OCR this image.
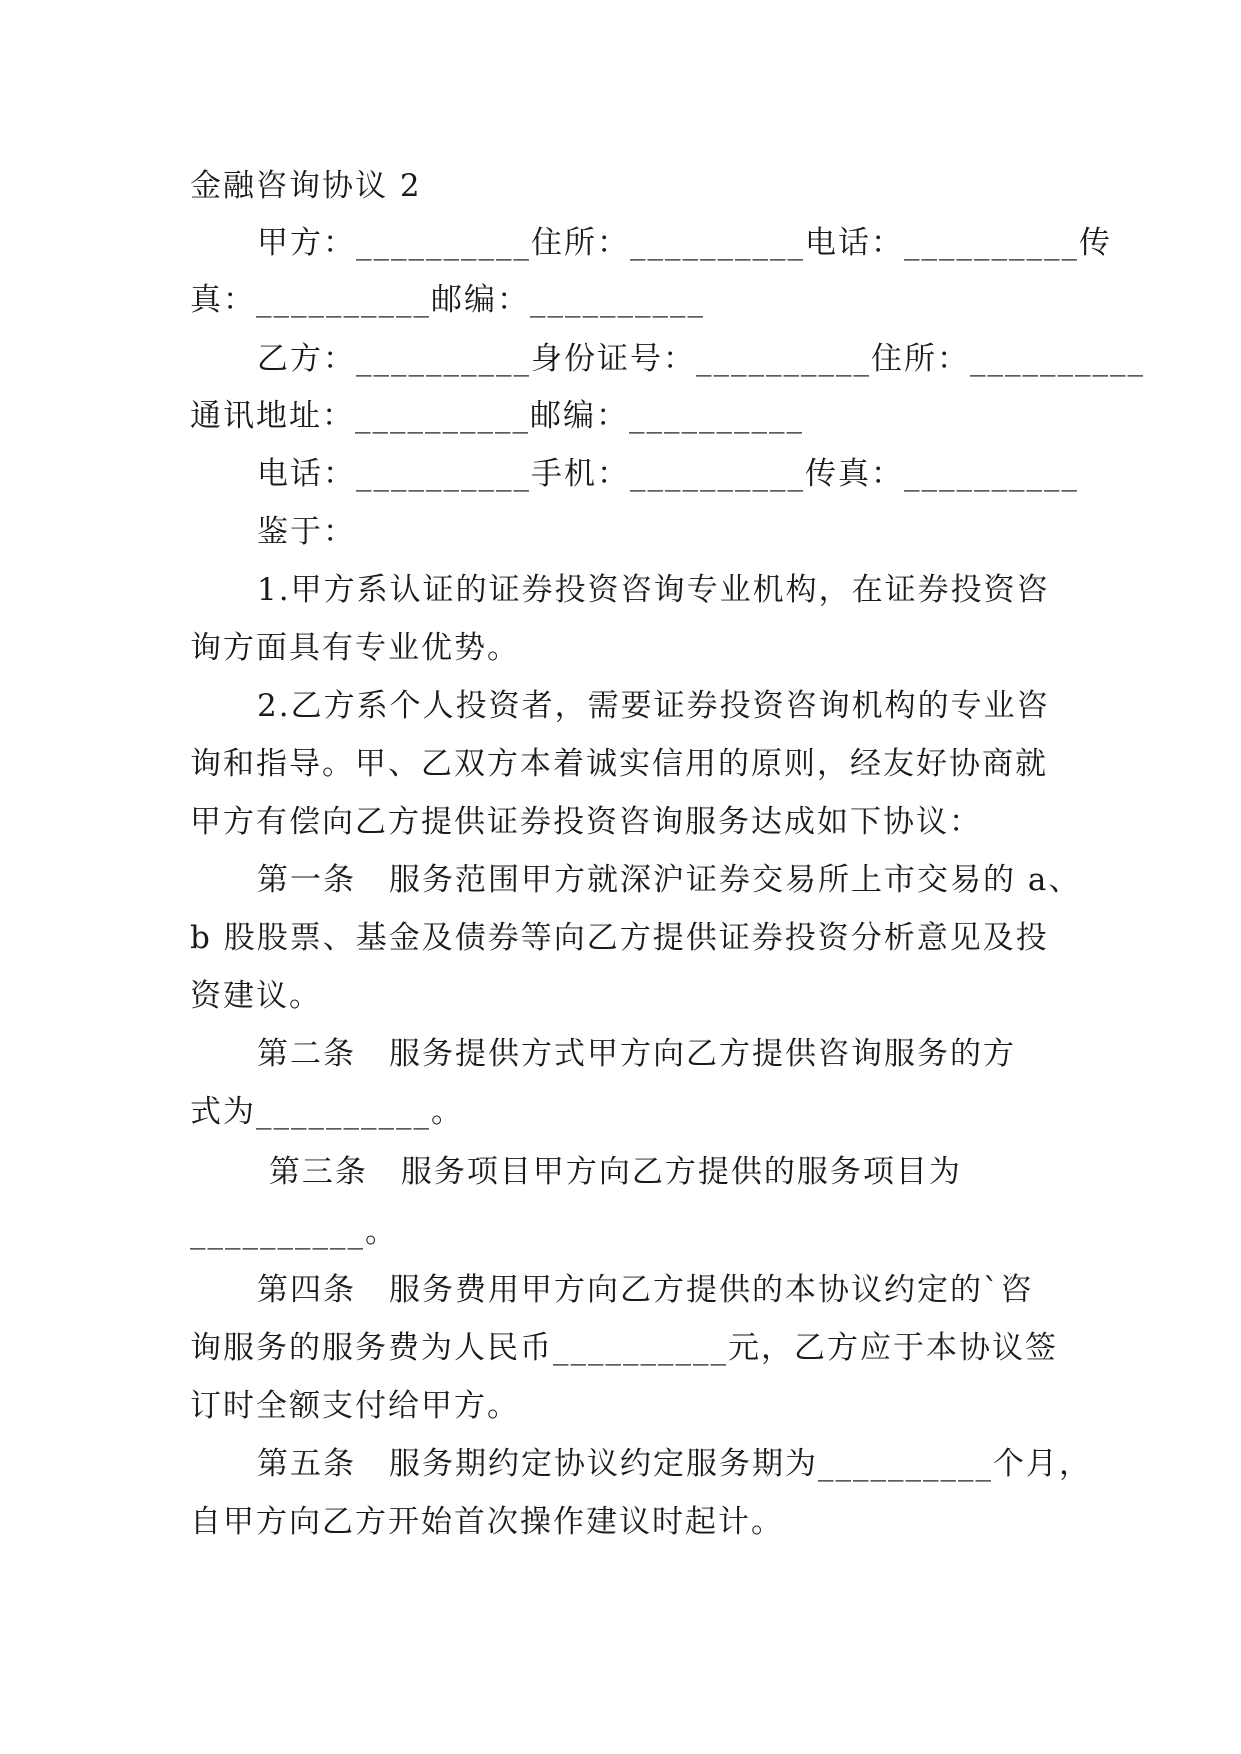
金融咨询协议 2
甲方：__________住所：__________电话：__________传
真：__________邮编：__________
乙方：__________身份证号：__________住所：__________
通讯地址：__________邮编：__________
电话：__________手机：__________传真：__________
鉴于：
1.甲方系认证的证券投资咨询专业机构，在证券投资咨
询方面具有专业优势。
2.乙方系个人投资者，需要证券投资咨询机构的专业咨
询和指导。甲、乙双方本着诚实信用的原则，经友好协商就
甲方有偿向乙方提供证券投资咨询服务达成如下协议：
第一条　服务范围甲方就深沪证券交易所上市交易的 a、
b 股股票、基金及债券等向乙方提供证券投资分析意见及投
资建议。
第二条　服务提供方式甲方向乙方提供咨询服务的方
式为__________。
第三条　服务项目甲方向乙方提供的服务项目为
__________。
第四条　服务费用甲方向乙方提供的本协议约定的`咨
询服务的服务费为人民币__________元，乙方应于本协议签
订时全额支付给甲方。
第五条　服务期约定协议约定服务期为__________个月，
自甲方向乙方开始首次操作建议时起计。
